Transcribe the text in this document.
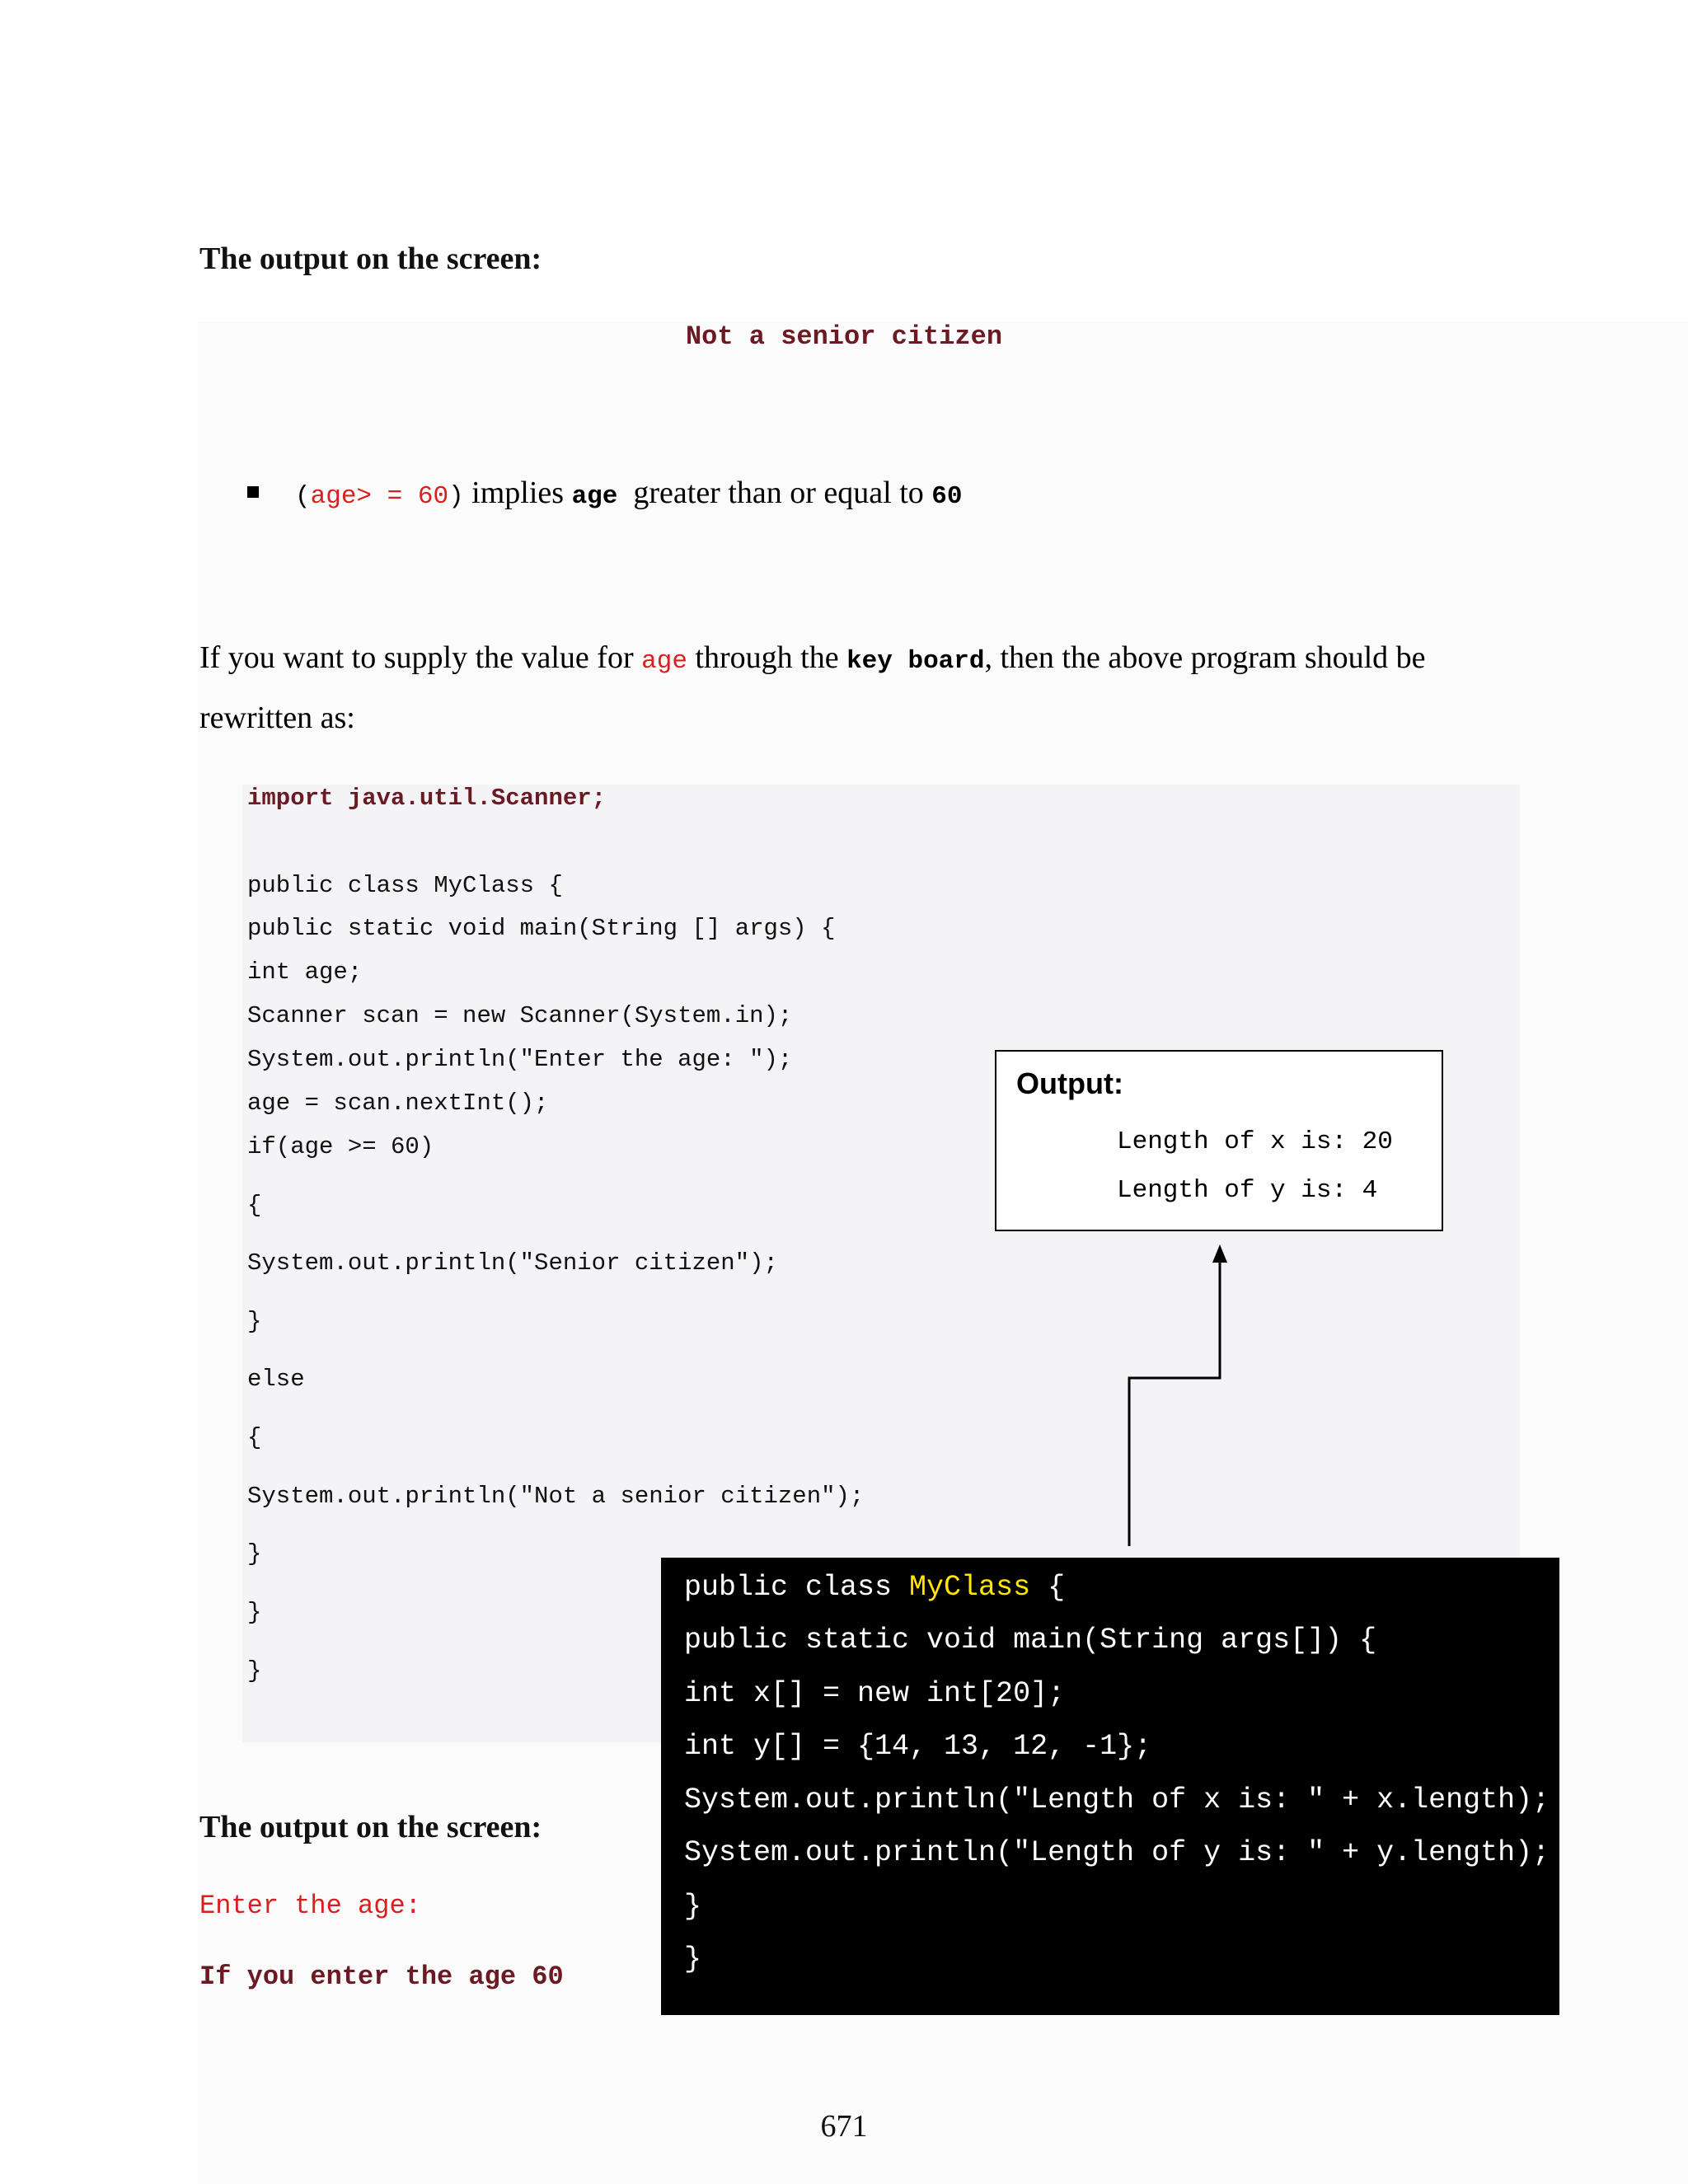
The output on the screen:
Not a senior citizen
(age> = 60) implies age  greater than or equal to 60
If you want to supply the value for age through the key board, then the above program should be rewritten as:
import java.util.Scanner;
public class MyClass {
public static void main(String [] args) {
int age;
Scanner scan = new Scanner(System.in);
System.out.println("Enter the age: ");
age = scan.nextInt();
if(age >= 60)
{
System.out.println("Senior citizen");
}
else
{
System.out.println("Not a senior citizen");
}
}
}
Output:
Length of x is: 20
Length of y is: 4
public class MyClass {
public static void main(String args[]) {
int x[] = new int[20];
int y[] = {14, 13, 12, -1};
System.out.println("Length of x is: " + x.length);
System.out.println("Length of y is: " + y.length);
}
}
The output on the screen:
Enter the age:
If you enter the age 60
671
